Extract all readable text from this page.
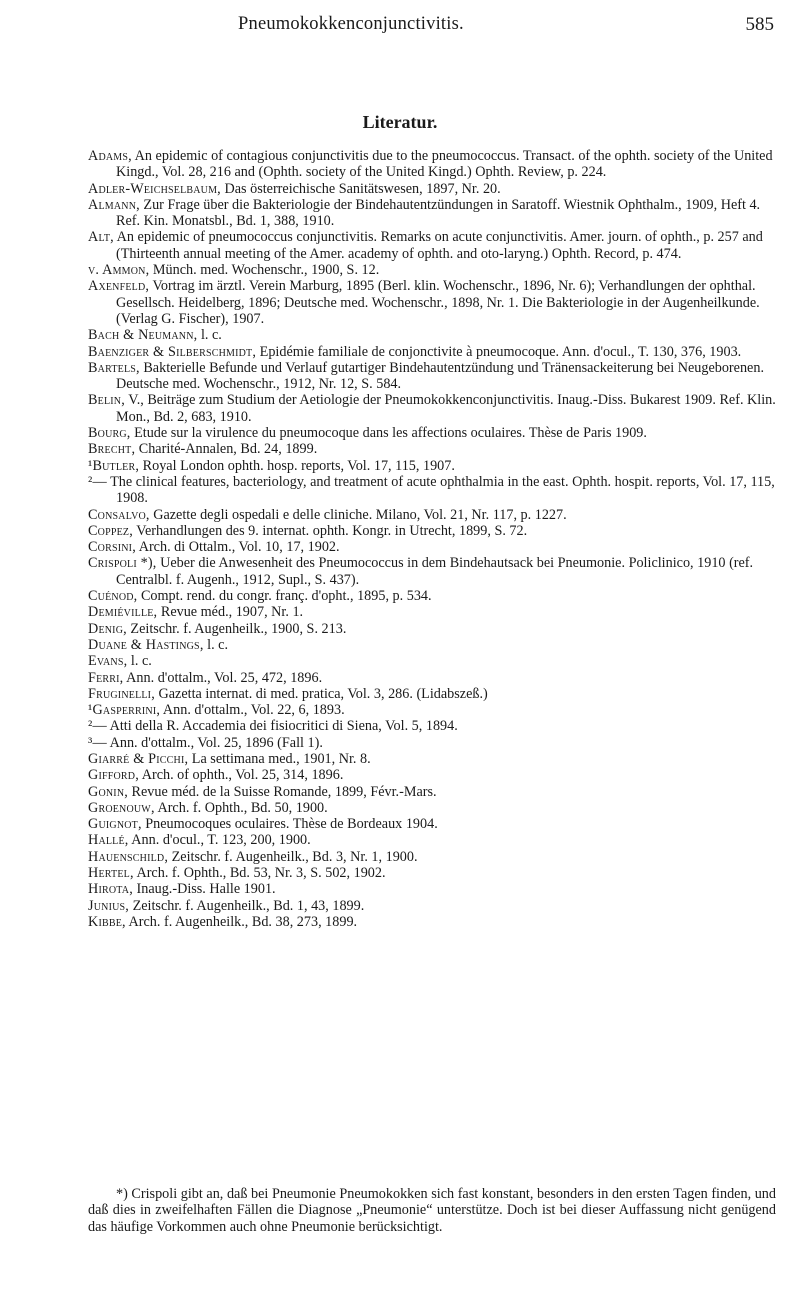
Pneumokokkenconjunctivitis.	585
Literatur.
Adams, An epidemic of contagious conjunctivitis due to the pneumococcus. Transact. of the ophth. society of the United Kingd., Vol. 28, 216 and (Ophth. society of the United Kingd.) Ophth. Review, p. 224.
Adler-Weichselbaum, Das österreichische Sanitätswesen, 1897, Nr. 20.
Almann, Zur Frage über die Bakteriologie der Bindehautentzündungen in Saratoff. Wiestnik Ophthalm., 1909, Heft 4. Ref. Kin. Monatsbl., Bd. 1, 388, 1910.
Alt, An epidemic of pneumococcus conjunctivitis. Remarks on acute conjunctivitis. Amer. journ. of ophth., p. 257 and (Thirteenth annual meeting of the Amer. academy of ophth. and oto-laryng.) Ophth. Record, p. 474.
v. Ammon, Münch. med. Wochenschr., 1900, S. 12.
Axenfeld, Vortrag im ärztl. Verein Marburg, 1895 (Berl. klin. Wochenschr., 1896, Nr. 6); Verhandlungen der ophthal. Gesellsch. Heidelberg, 1896; Deutsche med. Wochenschr., 1898, Nr. 1. Die Bakteriologie in der Augenheilkunde. (Verlag G. Fischer), 1907.
Bach & Neumann, l. c.
Baenziger & Silberschmidt, Epidémie familiale de conjonctivite à pneumocoque. Ann. d'ocul., T. 130, 376, 1903.
Bartels, Bakterielle Befunde und Verlauf gutartiger Bindehautentzündung und Tränensackeiterung bei Neugeborenen. Deutsche med. Wochenschr., 1912, Nr. 12, S. 584.
Belin, V., Beiträge zum Studium der Aetiologie der Pneumokokkenconjunctivitis. Inaug.-Diss. Bukarest 1909. Ref. Klin. Mon., Bd. 2, 683, 1910.
Bourg, Etude sur la virulence du pneumocoque dans les affections oculaires. Thèse de Paris 1909.
Brecht, Charité-Annalen, Bd. 24, 1899.
¹Butler, Royal London ophth. hosp. reports, Vol. 17, 115, 1907.
²— The clinical features, bacteriology, and treatment of acute ophthalmia in the east. Ophth. hospit. reports, Vol. 17, 115, 1908.
Consalvo, Gazette degli ospedali e delle cliniche. Milano, Vol. 21, Nr. 117, p. 1227.
Coppez, Verhandlungen des 9. internat. ophth. Kongr. in Utrecht, 1899, S. 72.
Corsini, Arch. di Ottalm., Vol. 10, 17, 1902.
Crispoli *), Ueber die Anwesenheit des Pneumococcus in dem Bindehautsack bei Pneumonie. Policlinico, 1910 (ref. Centralbl. f. Augenh., 1912, Supl., S. 437).
Cuénod, Compt. rend. du congr. franç. d'opht., 1895, p. 534.
Demiéville, Revue méd., 1907, Nr. 1.
Denig, Zeitschr. f. Augenheilk., 1900, S. 213.
Duane & Hastings, l. c.
Evans, l. c.
Ferri, Ann. d'ottalm., Vol. 25, 472, 1896.
Fruginelli, Gazetta internat. di med. pratica, Vol. 3, 286. (Lidabszeß.)
¹Gasperrini, Ann. d'ottalm., Vol. 22, 6, 1893.
²— Atti della R. Accademia dei fisiocritici di Siena, Vol. 5, 1894.
³— Ann. d'ottalm., Vol. 25, 1896 (Fall 1).
Giarré & Picchi, La settimana med., 1901, Nr. 8.
Gifford, Arch. of ophth., Vol. 25, 314, 1896.
Gonin, Revue méd. de la Suisse Romande, 1899, Févr.-Mars.
Groenouw, Arch. f. Ophth., Bd. 50, 1900.
Guignot, Pneumocoques oculaires. Thèse de Bordeaux 1904.
Hallé, Ann. d'ocul., T. 123, 200, 1900.
Hauenschild, Zeitschr. f. Augenheilk., Bd. 3, Nr. 1, 1900.
Hertel, Arch. f. Ophth., Bd. 53, Nr. 3, S. 502, 1902.
Hirota, Inaug.-Diss. Halle 1901.
Junius, Zeitschr. f. Augenheilk., Bd. 1, 43, 1899.
Kibbe, Arch. f. Augenheilk., Bd. 38, 273, 1899.
*) Crispoli gibt an, daß bei Pneumonie Pneumokokken sich fast konstant, besonders in den ersten Tagen finden, und daß dies in zweifelhaften Fällen die Diagnose „Pneumonie“ unterstütze. Doch ist bei dieser Auffassung nicht genügend das häufige Vorkommen auch ohne Pneumonie berücksichtigt.
